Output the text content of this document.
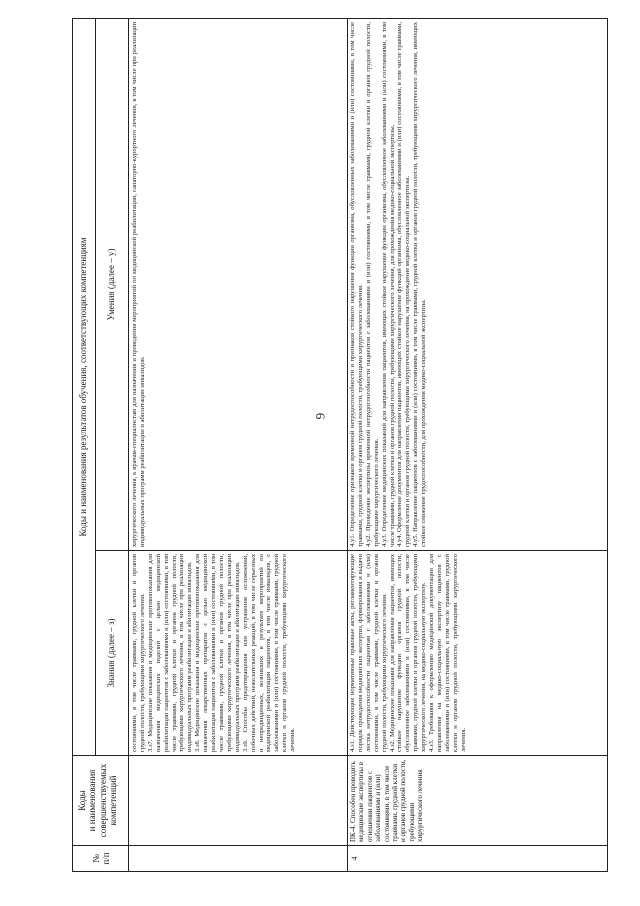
6
№
п/п
Коды
и наименования
совершенствуемых
компетенций
Коды и наименования результатов обучения, соответствующих компетенциям
Знания (далее – з)
Умения (далее – у)

состояниями, в том числе травмами, грудной клетки и органов грудной полости, требующими хирургического лечения. 3.з7. Медицинские показания и медицинские противопоказания для назначения медицинских изделий с целью медицинской реабилитации пациентов с заболеваниями и (или) состояниями, в том числе травмами, грудной клетки и органов грудной полости, требующими хирургического лечения, в том числе при реализации индивидуальных программ реабилитации и абилитации инвалидов. 3.з8. Медицинские показания и медицинские противопоказания для назначения лекарственных препаратов с целью медицинской реабилитации пациентов с заболеваниями и (или) состояниями, в том числе травмами, грудной клетки и органов грудной полости, требующими хирургического лечения, в том числе при реализации индивидуальных программ реабилитации и абилитации инвалидов. 3.з9. Способы предотвращения или устранения осложнений, побочных действий, нежелательных реакций, в том числе серьезных и непредвиденных, возникших в результате мероприятий по медицинской реабилитации пациентов, в том числе инвалидов, с заболеваниями и (или) состояниями, в том числе травмами, грудной клетки и органов грудной полости, требующими хирургического лечения.

хирургического лечения, к врачам-специалистам для назначения и проведения мероприятий по медицинской реабилитации, санаторно-курортного лечения, в том числе при реализации индивидуальных программ реабилитации и абилитации инвалидов.

4
ПК-4. Способен проводить медицинские экспертизы в отношении пациентов с заболеваниями и (или) состояниями, в том числе травмами, грудной клетки и органов грудной полости, требующими хирургического лечения

4.з1. Действующие нормативные правовые акты, регламентирующие порядок проведения медицинских экспертиз, формирования и выдачи листка нетрудоспособности пациентам с заболеваниями и (или) состояниями, в том числе травмами, грудной клетки и органов грудной полости, требующими хирургического лечения. 4.з2. Медицинские показания для направления пациентов, имеющих стойкое нарушение функции органов грудной полости, обусловленное заболеваниями и (или) состояниями, в том числе травмами, грудной клетки и органов грудной полости, требующими хирургического лечения, на медико-социальную экспертизу. 4.з3. Требования к оформлению медицинской документации для направления на медико-социальную экспертизу пациентов с заболеваниями и (или) состояниями, в том числе травмами, грудной клетки и органов грудной полости, требующими хирургического лечения.

4.у1. Определение признаков временной нетрудоспособности и признаков стойкого нарушения функции организма, обусловленных заболеваниями и (или) состояниями, в том числе травмами, грудной клетки и органов грудной полости, требующими хирургического лечения. 4.у2. Проведение экспертизы временной нетрудоспособности пациентов с заболеваниями и (или) состояниями, в том числе травмами, грудной клетки и органов грудной полости, требующими хирургического лечения. 4.у3. Определение медицинских показаний для направления пациентов, имеющих стойкое нарушение функции организма, обусловленное заболеваниями и (или) состояниями, в том числе травмами, грудной клетки и органов грудной полости, требующими хирургического лечения, для прохождения медико-социальной экспертизы. 4.у4. Оформление документов для направления пациентов, имеющих стойкое нарушение функций организма, обусловленное заболеваниями и (или) состояниями, в том числе травмами, грудной клетки и органов грудной полости, требующими хирургического лечения, на прохождение медико-социальной экспертизы. 4.у5. Направление пациентов с заболеваниями и (или) состояниями, в том числе травмами, грудной клетки и органов грудной полости, требующими хирургического лечения, имеющих стойкое снижение трудоспособности, для прохождения медико-социальной экспертизы.
